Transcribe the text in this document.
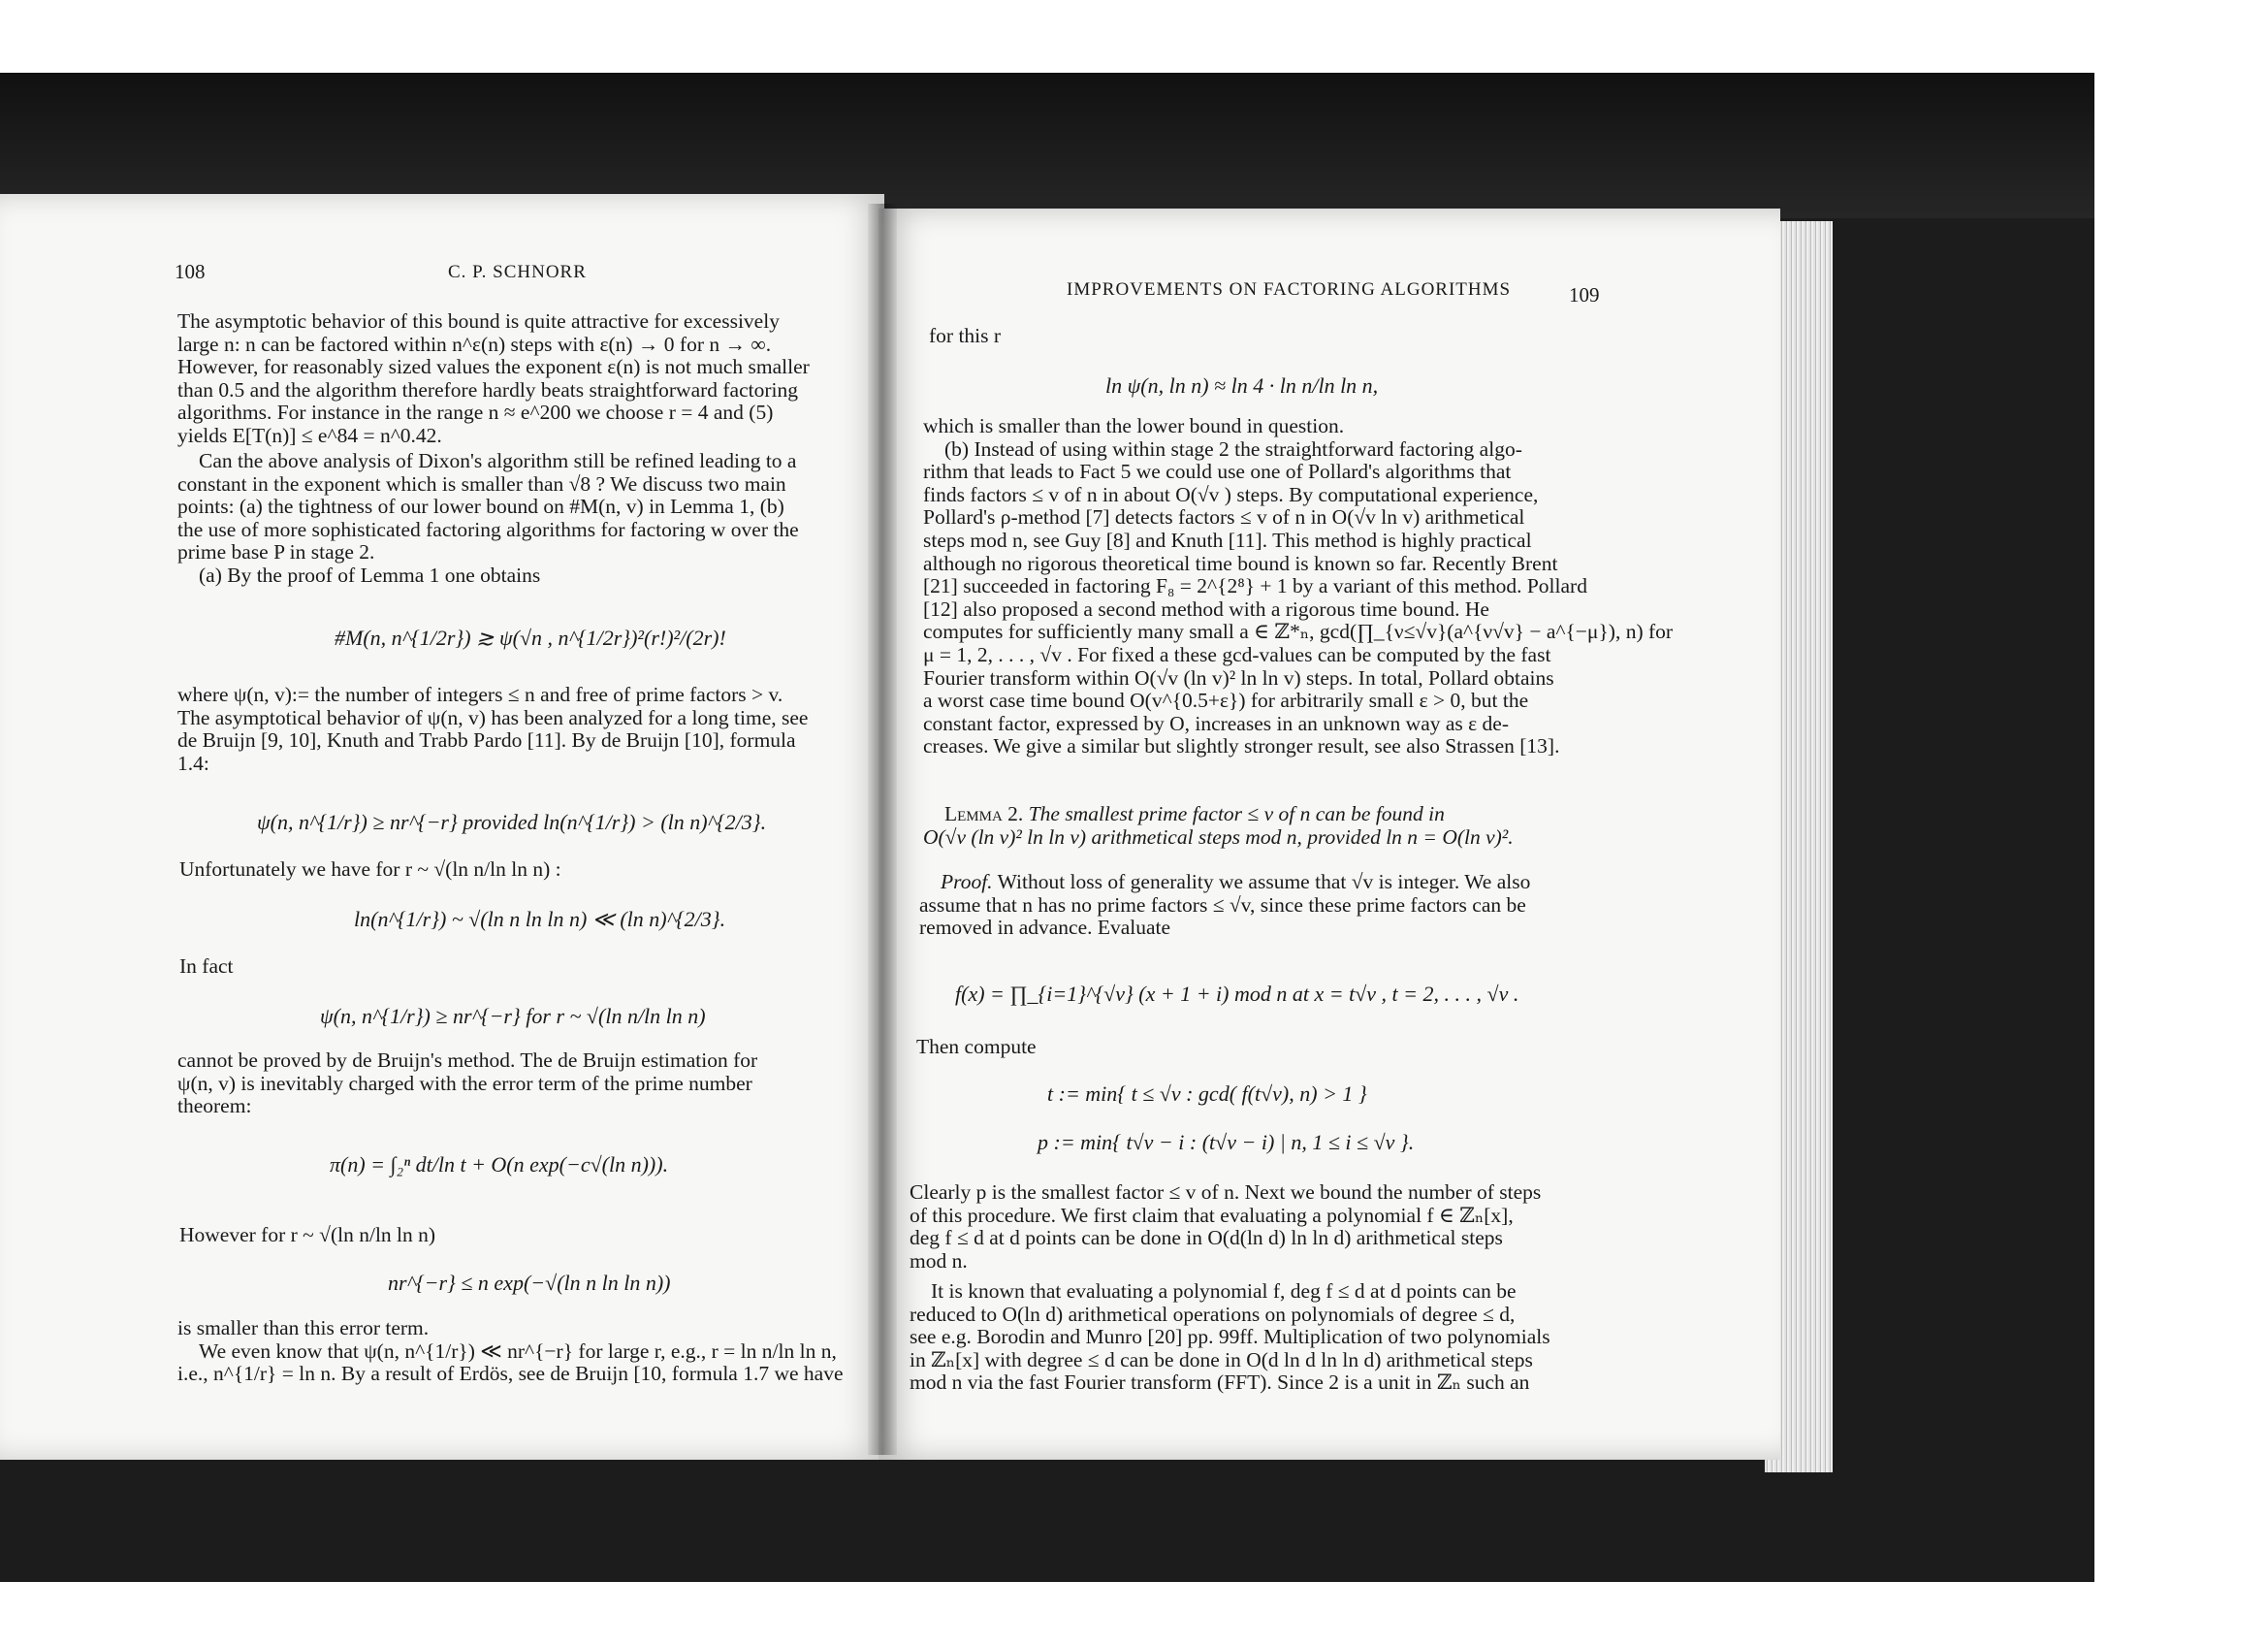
108	C. P. SCHNORR
The asymptotic behavior of this bound is quite attractive for excessively
large n: n can be factored within n^ε(n) steps with ε(n) → 0 for n → ∞.
However, for reasonably sized values the exponent ε(n) is not much smaller
than 0.5 and the algorithm therefore hardly beats straightforward factoring
algorithms. For instance in the range n ≈ e^200 we choose r = 4 and (5)
yields E[T(n)] ≤ e^84 = n^0.42.
Can the above analysis of Dixon's algorithm still be refined leading to a
constant in the exponent which is smaller than √8 ? We discuss two main
points: (a) the tightness of our lower bound on #M(n, v) in Lemma 1, (b)
the use of more sophisticated factoring algorithms for factoring w over the
prime base P in stage 2.
(a) By the proof of Lemma 1 one obtains
#M(n, n^{1/2r}) ≳ ψ(√n , n^{1/2r})²(r!)²/(2r)!
where ψ(n, v):= the number of integers ≤ n and free of prime factors > v.
The asymptotical behavior of ψ(n, v) has been analyzed for a long time, see
de Bruijn [9, 10], Knuth and Trabb Pardo [11]. By de Bruijn [10], formula
1.4:
ψ(n, n^{1/r}) ≥ nr^{−r} provided ln(n^{1/r}) > (ln n)^{2/3}.
Unfortunately we have for r ~ √(ln n/ln ln n) :
ln(n^{1/r}) ~ √(ln n ln ln n) ≪ (ln n)^{2/3}.
In fact
ψ(n, n^{1/r}) ≥ nr^{−r} for r ~ √(ln n/ln ln n)
cannot be proved by de Bruijn's method. The de Bruijn estimation for
ψ(n, v) is inevitably charged with the error term of the prime number
theorem:
π(n) = ∫₂ⁿ dt/ln t + O(n exp(−c√(ln n))).
However for r ~ √(ln n/ln ln n)
nr^{−r} ≤ n exp(−√(ln n ln ln n))
is smaller than this error term.
We even know that ψ(n, n^{1/r}) ≪ nr^{−r} for large r, e.g., r = ln n/ln ln n,
i.e., n^{1/r} = ln n. By a result of Erdös, see de Bruijn [10, formula 1.7 we have
IMPROVEMENTS ON FACTORING ALGORITHMS	109
for this r
ln ψ(n, ln n) ≈ ln 4 · ln n/ln ln n,
which is smaller than the lower bound in question.
(b) Instead of using within stage 2 the straightforward factoring algo-
rithm that leads to Fact 5 we could use one of Pollard's algorithms that
finds factors ≤ v of n in about O(√v ) steps. By computational experience,
Pollard's ρ-method [7] detects factors ≤ v of n in O(√v ln v) arithmetical
steps mod n, see Guy [8] and Knuth [11]. This method is highly practical
although no rigorous theoretical time bound is known so far. Recently Brent
[21] succeeded in factoring F₈ = 2^{2⁸} + 1 by a variant of this method. Pollard
[12] also proposed a second method with a rigorous time bound. He
computes for sufficiently many small a ∈ ℤ*ₙ, gcd(∏_{ν≤√v}(a^{ν√v} − a^{−μ}), n) for
μ = 1, 2, . . . , √v . For fixed a these gcd-values can be computed by the fast
Fourier transform within O(√v (ln v)² ln ln v) steps. In total, Pollard obtains
a worst case time bound O(v^{0.5+ε}) for arbitrarily small ε > 0, but the
constant factor, expressed by O, increases in an unknown way as ε de-
creases. We give a similar but slightly stronger result, see also Strassen [13].
Lemma 2. The smallest prime factor ≤ v of n can be found in
O(√v (ln v)² ln ln v) arithmetical steps mod n, provided ln n = O(ln v)².
Proof. Without loss of generality we assume that √v is integer. We also
assume that n has no prime factors ≤ √v, since these prime factors can be
removed in advance. Evaluate
f(x) = ∏_{i=1}^{√v} (x + 1 + i) mod n at x = t√v , t = 2, . . . , √v .
Then compute
t := min{ t ≤ √v : gcd( f(t√v), n) > 1 }
p := min{ t√v − i : (t√v − i) | n, 1 ≤ i ≤ √v }.
Clearly p is the smallest factor ≤ v of n. Next we bound the number of steps
of this procedure. We first claim that evaluating a polynomial f ∈ ℤₙ[x],
deg f ≤ d at d points can be done in O(d(ln d) ln ln d) arithmetical steps
mod n.
It is known that evaluating a polynomial f, deg f ≤ d at d points can be
reduced to O(ln d) arithmetical operations on polynomials of degree ≤ d,
see e.g. Borodin and Munro [20] pp. 99ff. Multiplication of two polynomials
in ℤₙ[x] with degree ≤ d can be done in O(d ln d ln ln d) arithmetical steps
mod n via the fast Fourier transform (FFT). Since 2 is a unit in ℤₙ such an
